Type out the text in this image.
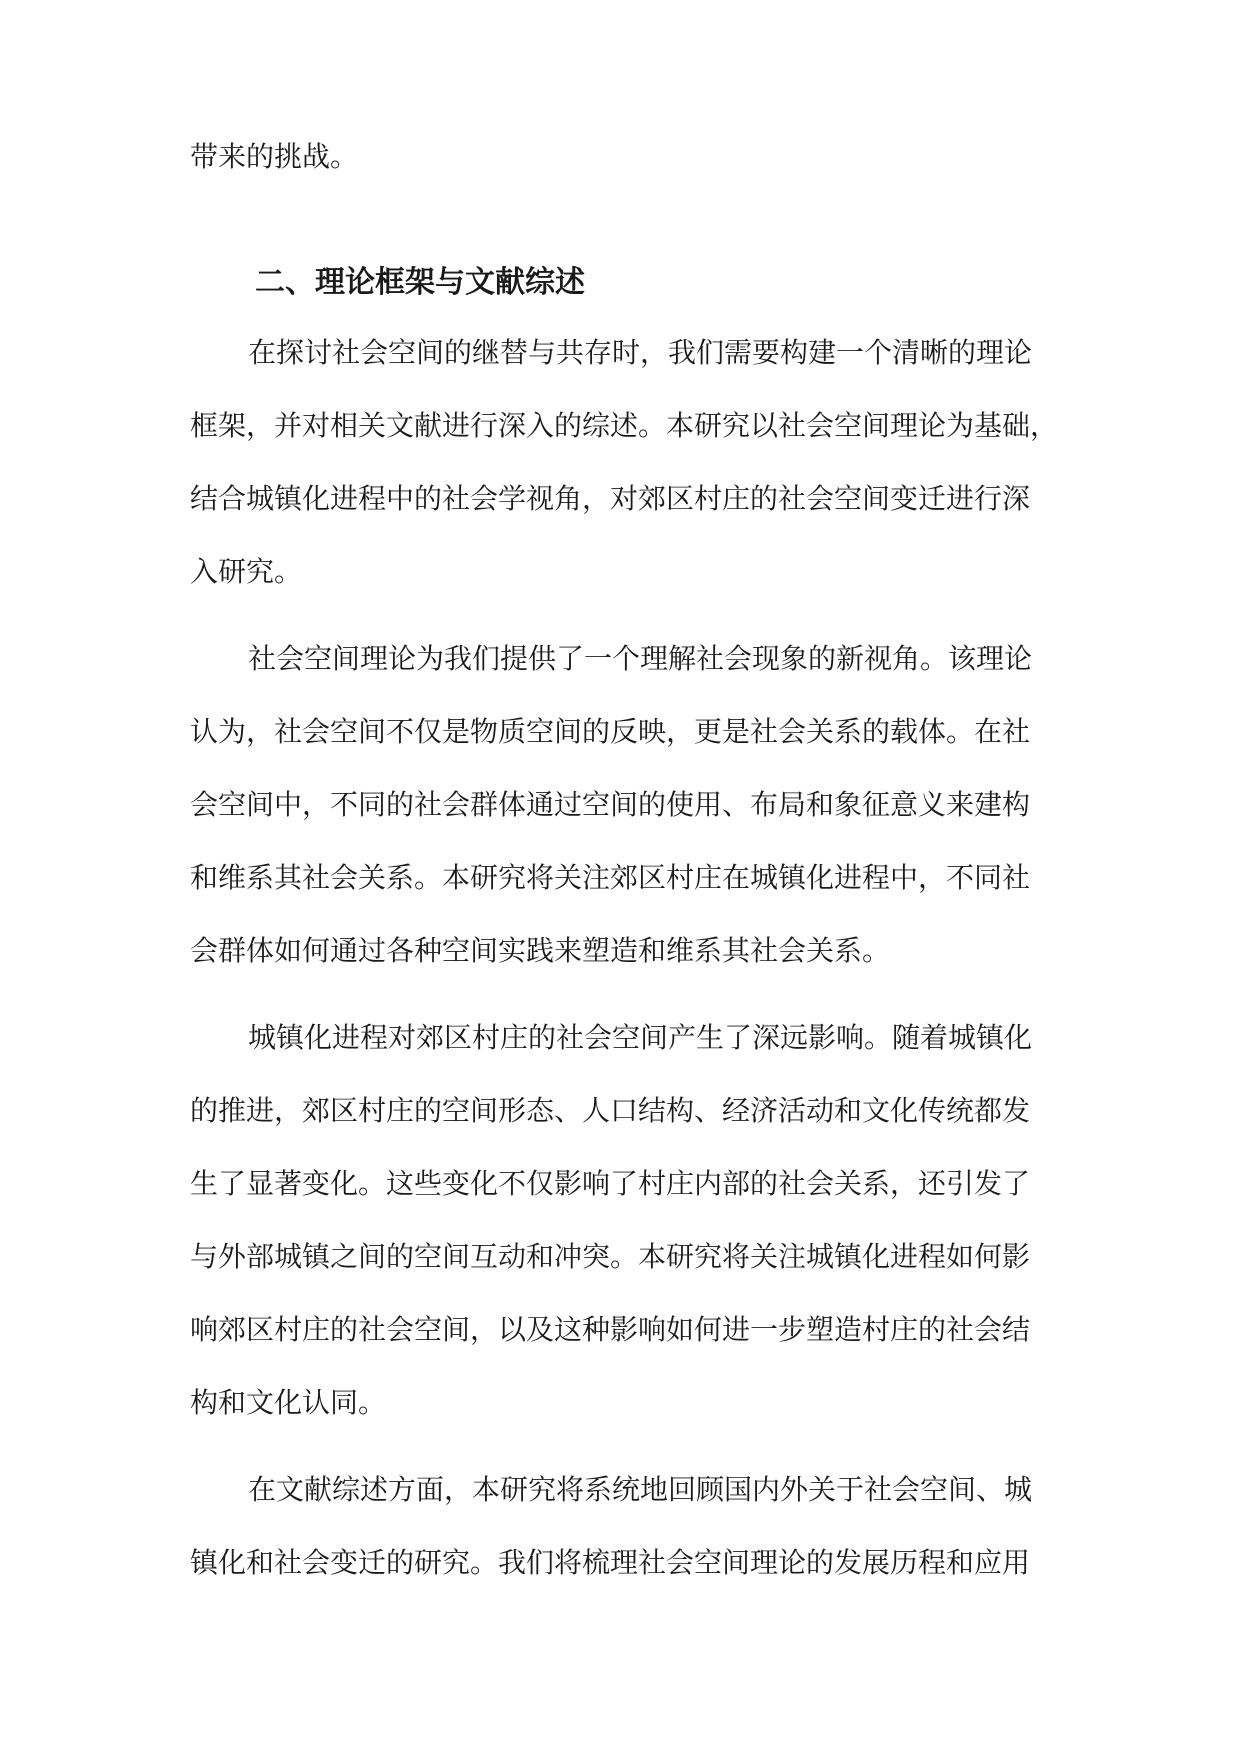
带来的挑战。
二、理论框架与文献综述
在探讨社会空间的继替与共存时，我们需要构建一个清晰的理论
框架，并对相关文献进行深入的综述。本研究以社会空间理论为基础，
结合城镇化进程中的社会学视角，对郊区村庄的社会空间变迁进行深
入研究。
社会空间理论为我们提供了一个理解社会现象的新视角。该理论
认为，社会空间不仅是物质空间的反映，更是社会关系的载体。在社
会空间中，不同的社会群体通过空间的使用、布局和象征意义来建构
和维系其社会关系。本研究将关注郊区村庄在城镇化进程中，不同社
会群体如何通过各种空间实践来塑造和维系其社会关系。
城镇化进程对郊区村庄的社会空间产生了深远影响。随着城镇化
的推进，郊区村庄的空间形态、人口结构、经济活动和文化传统都发
生了显著变化。这些变化不仅影响了村庄内部的社会关系，还引发了
与外部城镇之间的空间互动和冲突。本研究将关注城镇化进程如何影
响郊区村庄的社会空间，以及这种影响如何进一步塑造村庄的社会结
构和文化认同。
在文献综述方面，本研究将系统地回顾国内外关于社会空间、城
镇化和社会变迁的研究。我们将梳理社会空间理论的发展历程和应用
